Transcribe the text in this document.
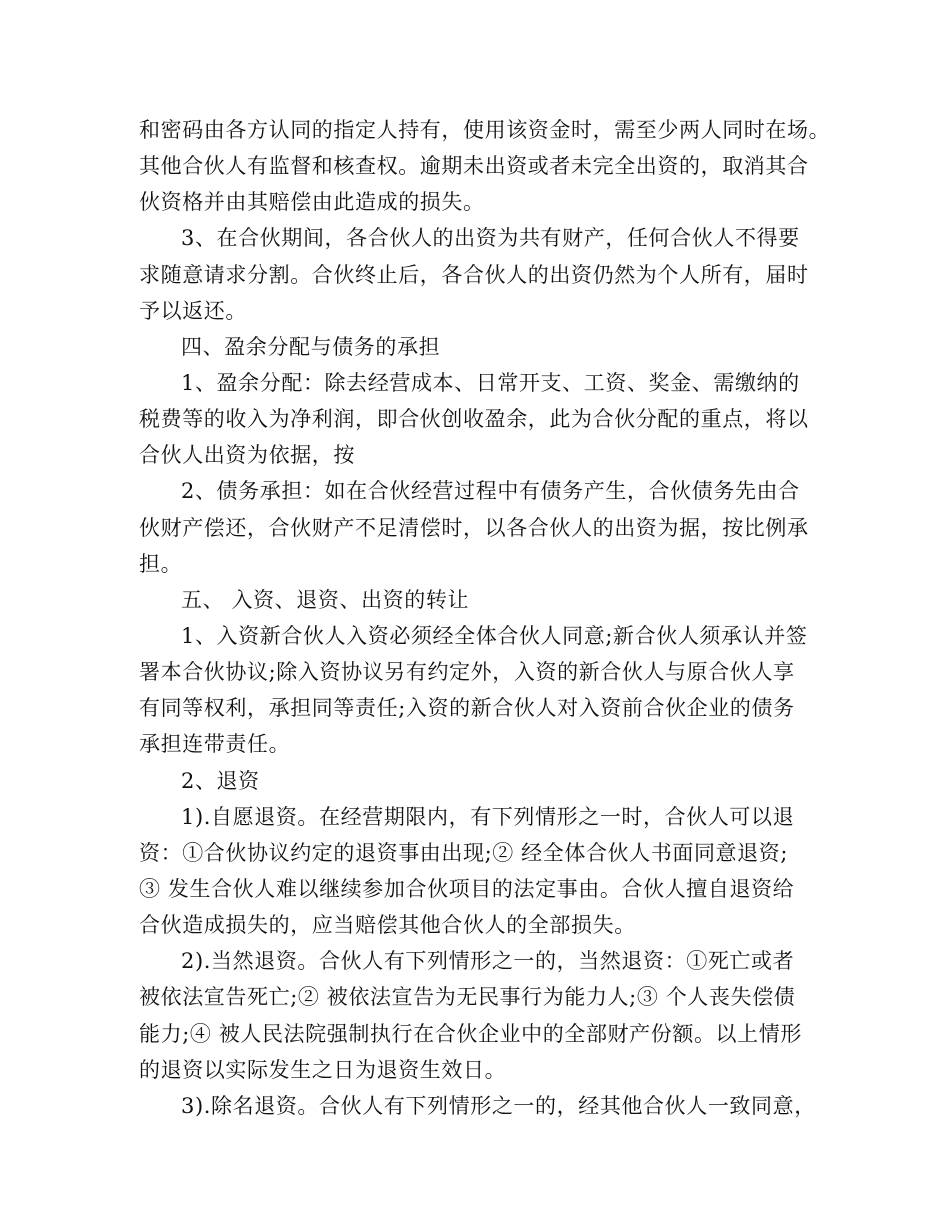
和密码由各方认同的指定人持有，使用该资金时，需至少两人同时在场。
其他合伙人有监督和核查权。逾期未出资或者未完全出资的，取消其合
伙资格并由其赔偿由此造成的损失。
3、在合伙期间，各合伙人的出资为共有财产，任何合伙人不得要
求随意请求分割。合伙终止后，各合伙人的出资仍然为个人所有，届时
予以返还。
四、盈余分配与债务的承担
1、盈余分配：除去经营成本、日常开支、工资、奖金、需缴纳的
税费等的收入为净利润，即合伙创收盈余，此为合伙分配的重点，将以
合伙人出资为依据，按
2、债务承担：如在合伙经营过程中有债务产生，合伙债务先由合
伙财产偿还，合伙财产不足清偿时，以各合伙人的出资为据，按比例承
担。
五、 入资、退资、出资的转让
1、入资新合伙人入资必须经全体合伙人同意;新合伙人须承认并签
署本合伙协议;除入资协议另有约定外，入资的新合伙人与原合伙人享
有同等权利，承担同等责任;入资的新合伙人对入资前合伙企业的债务
承担连带责任。
2、退资
1).自愿退资。在经营期限内，有下列情形之一时，合伙人可以退
资：①合伙协议约定的退资事由出现;② 经全体合伙人书面同意退资;
③ 发生合伙人难以继续参加合伙项目的法定事由。合伙人擅自退资给
合伙造成损失的，应当赔偿其他合伙人的全部损失。
2).当然退资。合伙人有下列情形之一的，当然退资：①死亡或者
被依法宣告死亡;② 被依法宣告为无民事行为能力人;③ 个人丧失偿债
能力;④ 被人民法院强制执行在合伙企业中的全部财产份额。以上情形
的退资以实际发生之日为退资生效日。
3).除名退资。合伙人有下列情形之一的，经其他合伙人一致同意，
